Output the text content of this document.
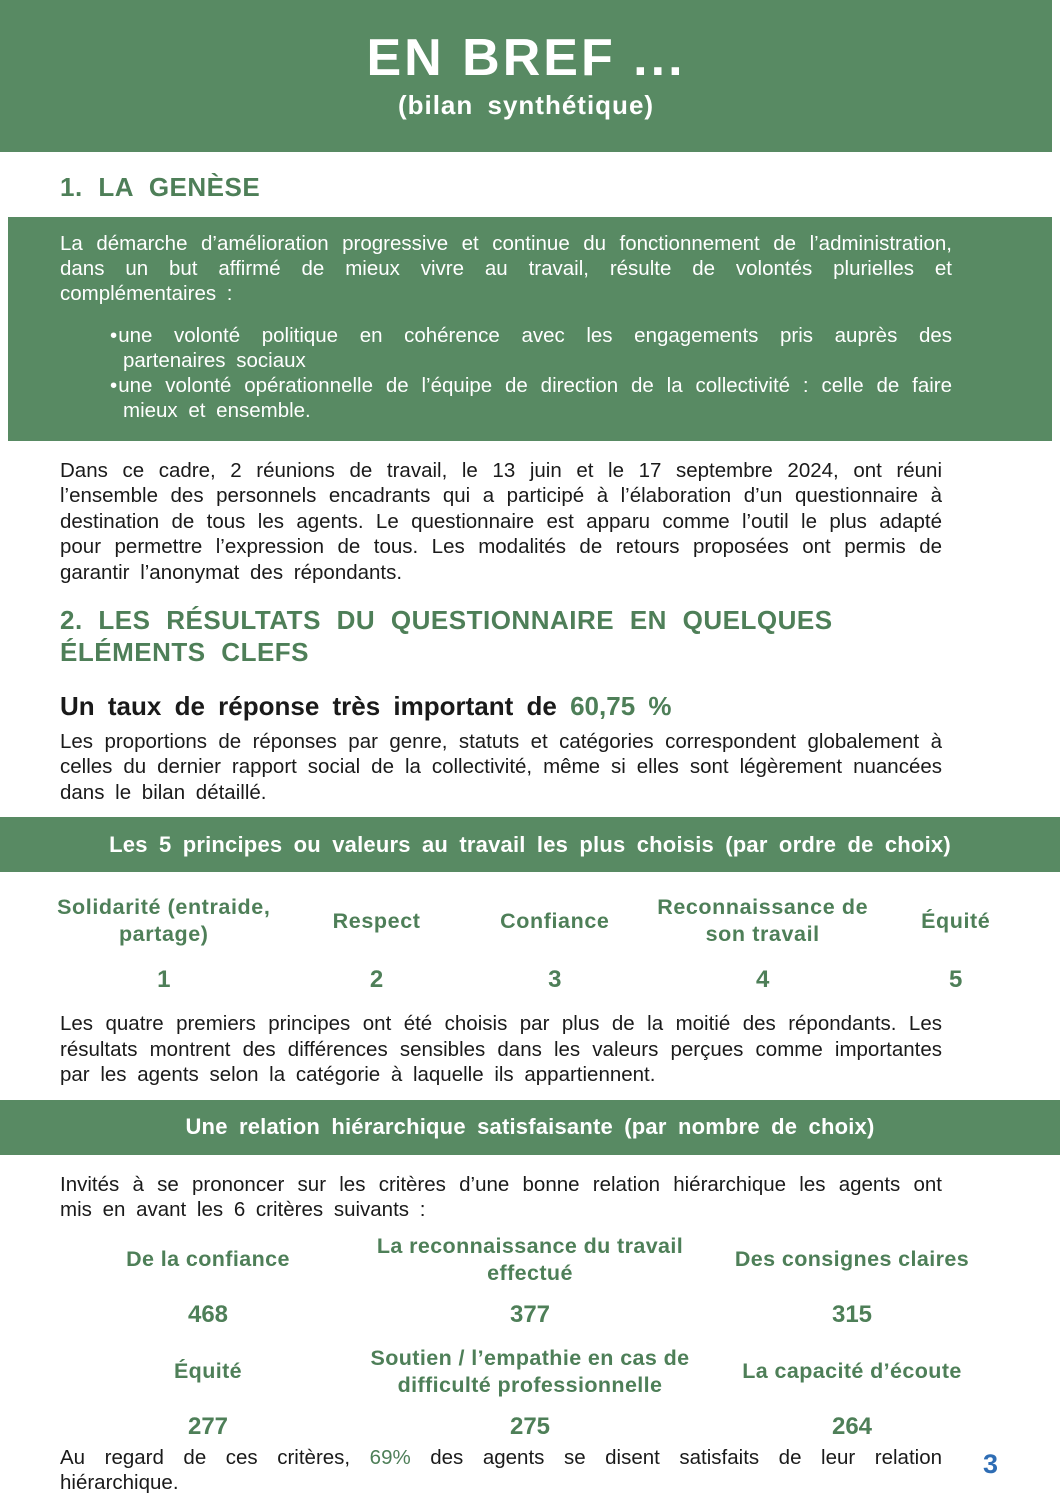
EN BREF ...
(bilan synthétique)
1. LA GENÈSE
La démarche d’amélioration progressive et continue du fonctionnement de l’administration, dans un but affirmé de mieux vivre au travail, résulte de volontés plurielles et complémentaires :
• une volonté politique en cohérence avec les engagements pris auprès des partenaires sociaux
• une volonté opérationnelle de l’équipe de direction de la collectivité : celle de faire mieux et ensemble.

Dans ce cadre, 2 réunions de travail, le 13 juin et le 17 septembre 2024, ont réuni l’ensemble des personnels encadrants qui a participé à l’élaboration d’un questionnaire à destination de tous les agents. Le questionnaire est apparu comme l’outil le plus adapté pour permettre l’expression de tous. Les modalités de retours proposées ont permis de garantir l’anonymat des répondants.

2. LES RÉSULTATS DU QUESTIONNAIRE EN QUELQUES ÉLÉMENTS CLEFS
Un taux de réponse très important de 60,75 %

Les proportions de réponses par genre, statuts et catégories correspondent globalement à celles du dernier rapport social de la collectivité, même si elles sont légèrement nuancées dans le bilan détaillé.

Les 5 principes ou valeurs au travail les plus choisis (par ordre de choix)
Solidarité (entraide, partage)
1
Respect
2
Confiance
3
Reconnaissance de son travail
4
Équité
5

Les quatre premiers principes ont été choisis par plus de la moitié des répondants. Les résultats montrent des différences sensibles dans les valeurs perçues comme importantes par les agents selon la catégorie à laquelle ils appartiennent.

Une relation hiérarchique satisfaisante (par nombre de choix)

Invités à se prononcer sur les critères d’une bonne relation hiérarchique les agents ont mis en avant les 6 critères suivants :

De la confiance
468
La reconnaissance du travail effectué
377
Des consignes claires
315
Équité
277
Soutien / l’empathie en cas de difficulté professionnelle
275
La capacité d’écoute
264

Au regard de ces critères, 69% des agents se disent satisfaits de leur relation hiérarchique.

3
